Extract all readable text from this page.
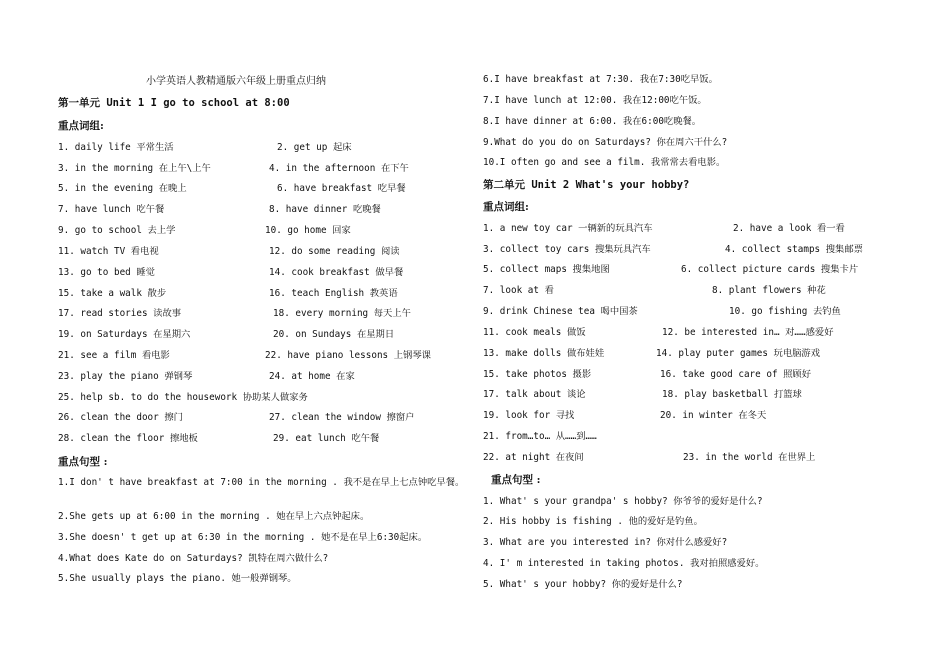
小学英语人教精通版六年级上册重点归纳
第一单元 Unit 1 I go to school at 8:00
重点词组:
1. daily life 平常生活	2. get up 起床
3. in the morning 在上午\上午	4. in the afternoon 在下午
5. in the evening 在晚上	6. have breakfast 吃早餐
7. have lunch 吃午餐	8. have dinner 吃晚餐
9. go to school 去上学	10. go home 回家
11. watch TV 看电视	12. do some reading 阅读
13. go to bed 睡觉	14. cook breakfast 做早餐
15. take a walk 散步	16. teach English 教英语
17. read stories 读故事	18. every morning 每天上午
19. on Saturdays 在星期六	20. on Sundays 在星期日
21. see a film 看电影	22. have piano lessons 上钢琴课
23. play the piano 弹钢琴	24. at home 在家
25. help sb. to do the housework 协助某人做家务
26. clean the door 擦门	27. clean the window 擦窗户
28. clean the floor 擦地板	29. eat lunch 吃午餐
重点句型 :
1.I don' t have breakfast at 7:00 in the morning . 我不是在早上七点钟吃早餐。
2.She gets up at 6:00 in the morning . 她在早上六点钟起床。
3.She doesn' t get up at 6:30 in the morning . 她不是在早上6:30起床。
4.What does Kate do on Saturdays? 凯特在周六做什么?
5.She usually plays the piano. 她一般弹钢琴。
6.I have breakfast at 7:30. 我在7:30吃早饭。
7.I have lunch at 12:00. 我在12:00吃午饭。
8.I have dinner at 6:00. 我在6:00吃晚餐。
9.What do you do on Saturdays? 你在周六干什么?
10.I often go and see a film. 我常常去看电影。
第二单元 Unit 2 What's your hobby?
重点词组:
1. a new toy car 一辆新的玩具汽车	2. have a look 看一看
3. collect toy cars 搜集玩具汽车	4. collect stamps 搜集邮票
5. collect maps 搜集地图	6. collect picture cards 搜集卡片
7. look at 看	8. plant flowers 种花
9. drink Chinese tea 喝中国茶	10. go fishing 去钓鱼
11. cook meals 做饭	12. be interested in… 对……感爱好
13. make dolls 做布娃娃	14. play puter games 玩电脑游戏
15. take photos 摄影	16. take good care of 照顾好
17. talk about 谈论	18. play basketball 打篮球
19. look for 寻找	20. in winter 在冬天
21. from…to… 从……到……
22. at night 在夜间	23. in the world 在世界上
重点句型 :
1. What' s your grandpa' s hobby? 你爷爷的爱好是什么?
2. His hobby is fishing . 他的爱好是钓鱼。
3. What are you interested in? 你对什么感爱好?
4. I' m interested in taking photos. 我对拍照感爱好。
5. What' s your hobby? 你的爱好是什么?
